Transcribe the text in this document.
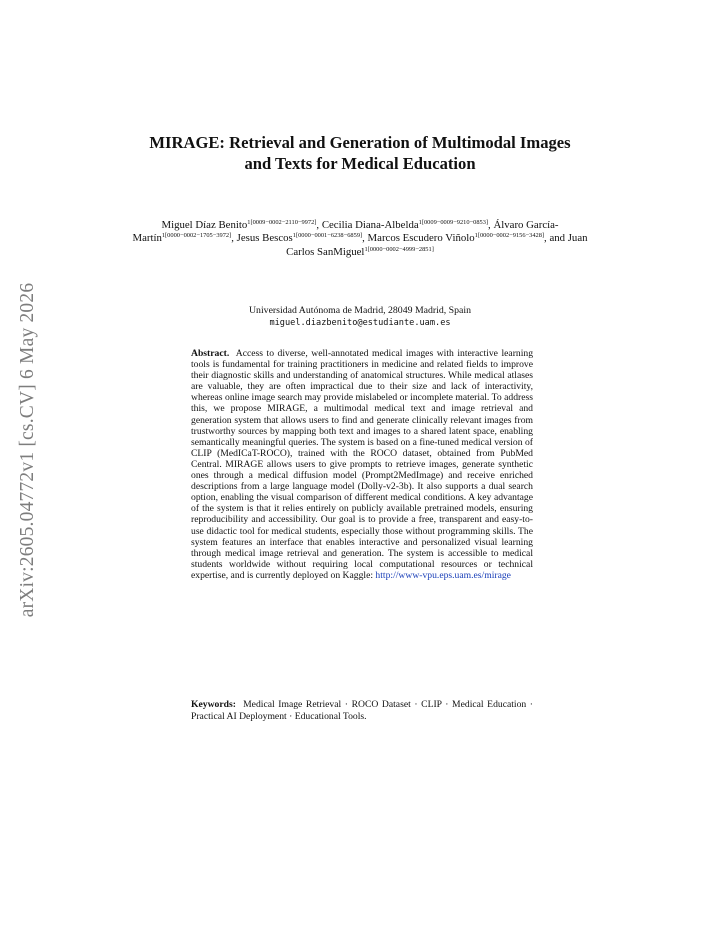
arXiv:2605.04772v1 [cs.CV] 6 May 2026
MIRAGE: Retrieval and Generation of Multimodal Images and Texts for Medical Education
Miguel Díaz Benito$^{1[0009-0002-2110-9972]}$, Cecilia Diana-Albelda$^{1[0009-0009-9210-0853]}$, Álvaro García-Martín$^{1[0000-0002-1705-3972]}$, Jesus Bescos$^{1[0000-0001-6238-6859]}$, Marcos Escudero Viñolo$^{1[0000-0002-9156-3428]}$, and Juan Carlos SanMiguel$^{1[0000-0002-4999-2851]}$
Universidad Autónoma de Madrid, 28049 Madrid, Spain
miguel.diazbenito@estudiante.uam.es
Abstract. Access to diverse, well-annotated medical images with interactive learning tools is fundamental for training practitioners in medicine and related fields to improve their diagnostic skills and understanding of anatomical structures. While medical atlases are valuable, they are often impractical due to their size and lack of interactivity, whereas online image search may provide mislabeled or incomplete material. To address this, we propose MIRAGE, a multimodal medical text and image retrieval and generation system that allows users to find and generate clinically relevant images from trustworthy sources by mapping both text and images to a shared latent space, enabling semantically meaningful queries. The system is based on a fine-tuned medical version of CLIP (MedICaT-ROCO), trained with the ROCO dataset, obtained from PubMed Central. MIRAGE allows users to give prompts to retrieve images, generate synthetic ones through a medical diffusion model (Prompt2MedImage) and receive enriched descriptions from a large language model (Dolly-v2-3b). It also supports a dual search option, enabling the visual comparison of different medical conditions. A key advantage of the system is that it relies entirely on publicly available pretrained models, ensuring reproducibility and accessibility. Our goal is to provide a free, transparent and easy-to-use didactic tool for medical students, especially those without programming skills. The system features an interface that enables interactive and personalized visual learning through medical image retrieval and generation. The system is accessible to medical students worldwide without requiring local computational resources or technical expertise, and is currently deployed on Kaggle: http://www-vpu.eps.uam.es/mirage
Keywords: Medical Image Retrieval · ROCO Dataset · CLIP · Medical Education · Practical AI Deployment · Educational Tools.
